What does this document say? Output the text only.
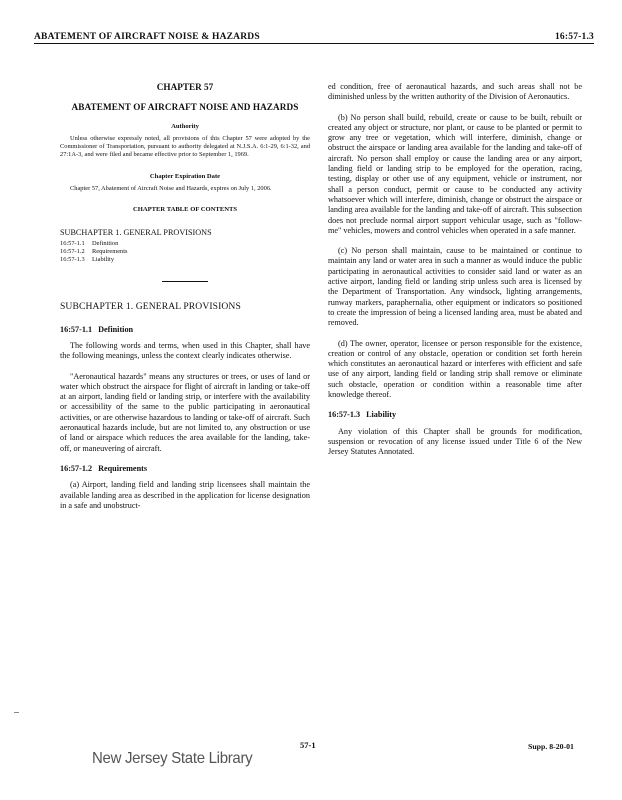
ABATEMENT OF AIRCRAFT NOISE & HAZARDS	16:57-1.3
CHAPTER 57
ABATEMENT OF AIRCRAFT NOISE AND HAZARDS
Authority
Unless otherwise expressly noted, all provisions of this Chapter 57 were adopted by the Commissioner of Transportation, pursuant to authority delegated at N.J.S.A. 6:1-29, 6:1-32, and 27:1A-3, and were filed and became effective prior to September 1, 1969.
Chapter Expiration Date
Chapter 57, Abatement of Aircraft Noise and Hazards, expires on July 1, 2006.
CHAPTER TABLE OF CONTENTS
SUBCHAPTER 1. GENERAL PROVISIONS
16:57-1.1 Definition
16:57-1.2 Requirements
16:57-1.3 Liability
SUBCHAPTER 1. GENERAL PROVISIONS
16:57-1.1 Definition

The following words and terms, when used in this Chapter, shall have the following meanings, unless the context clearly indicates otherwise.

"Aeronautical hazards" means any structures or trees, or uses of land or water which obstruct the airspace for flight of aircraft in landing or take-off at an airport, landing field or landing strip, or interfere with the availability or accessibility of the same to the public participating in aeronautical activities, or are otherwise hazardous to landing or take-off of aircraft. Such aeronautical hazards include, but are not limited to, any obstruction or use of land or airspace which reduces the area available for the landing, take-off, or maneuvering of aircraft.

16:57-1.2 Requirements

(a) Airport, landing field and landing strip licensees shall maintain the available landing area as described in the application for license designation in a safe and unobstruct-

ed condition, free of aeronautical hazards, and such areas shall not be diminished unless by the written authority of the Division of Aeronautics.

(b) No person shall build, rebuild, create or cause to be built, rebuilt or created any object or structure, nor plant, or cause to be planted or permit to grow any tree or vegetation, which will interfere, diminish, change or obstruct the airspace or landing area available for the landing and take-off of aircraft. No person shall employ or cause the landing area or any airport, landing field or landing strip to be employed for the operation, racing, testing, display or other use of any equipment, vehicle or instrument, nor shall a person conduct, permit or cause to be conducted any activity whatsoever which will interfere, diminish, change or obstruct the airspace or landing area available for the landing and take-off of aircraft. This subsection does not preclude normal airport support vehicular usage, such as "follow-me" vehicles, mowers and control vehicles when operated in a safe manner.

(c) No person shall maintain, cause to be maintained or continue to maintain any land or water area in such a manner as would induce the public participating in aeronautical activities to consider said land or water as an active airport, landing field or landing strip unless such area is licensed by the Department of Transportation. Any windsock, lighting arrangements, runway markers, paraphernalia, other equipment or indicators so positioned to create the impression of being a licensed landing area, must be abated and removed.

(d) The owner, operator, licensee or person responsible for the existence, creation or control of any obstacle, operation or condition set forth herein which constitutes an aeronautical hazard or interferes with efficient and safe use of any airport, landing field or landing strip shall remove or eliminate such obstacle, operation or condition within a reasonable time after knowledge thereof.

16:57-1.3 Liability

Any violation of this Chapter shall be grounds for modification, suspension or revocation of any license issued under Title 6 of the New Jersey Statutes Annotated.

New Jersey State Library
57-1	Supp. 8-20-01
